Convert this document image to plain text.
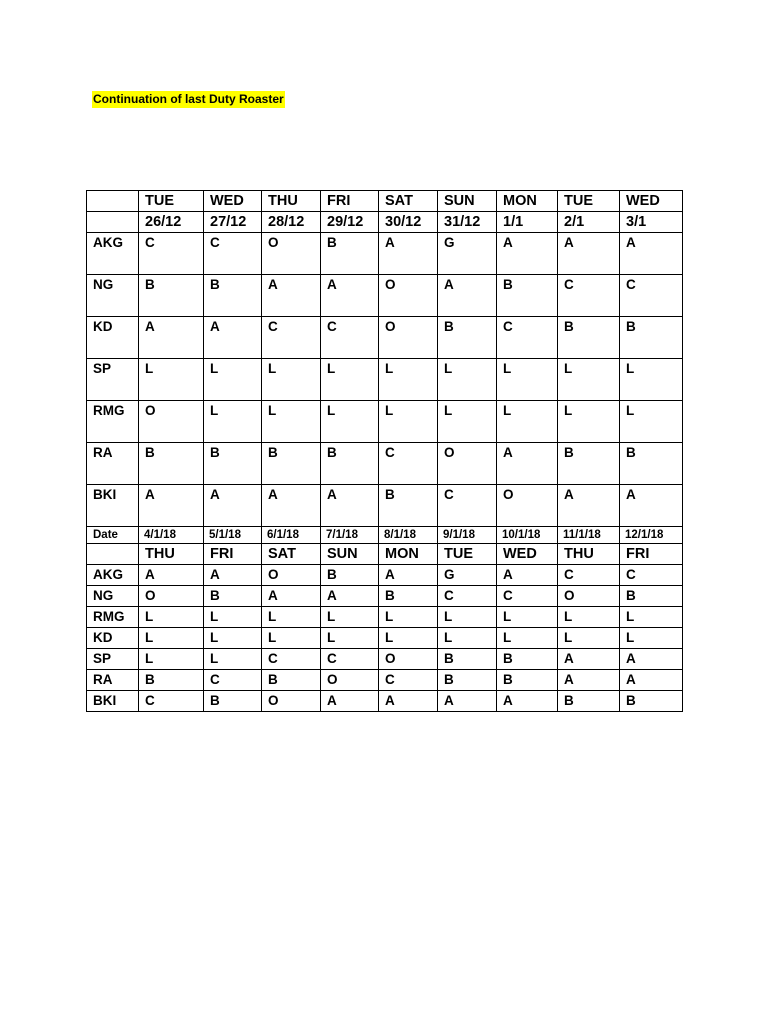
Continuation of last Duty Roaster
	TUE	WED	THU	FRI	SAT	SUN	MON	TUE	WED
	26/12	27/12	28/12	29/12	30/12	31/12	1/1	2/1	3/1
AKG	C	C	O	B	A	G	A	A	A
NG	B	B	A	A	O	A	B	C	C
KD	A	A	C	C	O	B	C	B	B
SP	L	L	L	L	L	L	L	L	L
RMG	O	L	L	L	L	L	L	L	L
RA	B	B	B	B	C	O	A	B	B
BKI	A	A	A	A	B	C	O	A	A
Date	4/1/18	5/1/18	6/1/18	7/1/18	8/1/18	9/1/18	10/1/18	11/1/18	12/1/18
	THU	FRI	SAT	SUN	MON	TUE	WED	THU	FRI
AKG	A	A	O	B	A	G	A	C	C
NG	O	B	A	A	B	C	C	O	B
RMG	L	L	L	L	L	L	L	L	L
KD	L	L	L	L	L	L	L	L	L
SP	L	L	C	C	O	B	B	A	A
RA	B	C	B	O	C	B	B	A	A
BKI	C	B	O	A	A	A	A	B	B
